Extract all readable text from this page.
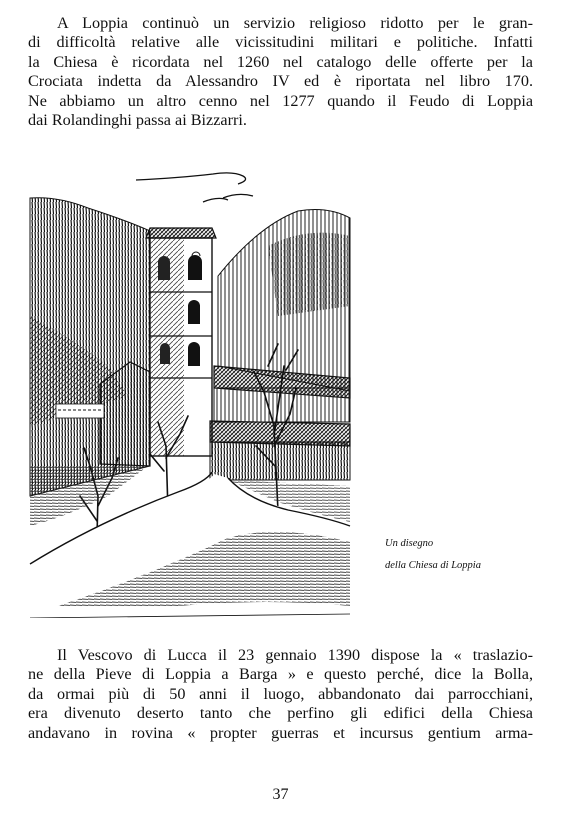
A Loppia continuò un servizio religioso ridotto per le gran-
di difficoltà relative alle vicissitudini militari e politiche. Infatti
la Chiesa è ricordata nel 1260 nel catalogo delle offerte per la
Crociata indetta da Alessandro IV ed è riportata nel libro 170.
Ne abbiamo un altro cenno nel 1277 quando il Feudo di Loppia
dai Rolandinghi passa ai Bizzarri.
Un disegno
della Chiesa di Loppia
Il Vescovo di Lucca il 23 gennaio 1390 dispose la « traslazio-
ne della Pieve di Loppia a Barga » e questo perché, dice la Bolla,
da ormai più di 50 anni il luogo, abbandonato dai parrocchiani,
era divenuto deserto tanto che perfino gli edifici della Chiesa
andavano in rovina « propter guerras et incursus gentium arma-
37
